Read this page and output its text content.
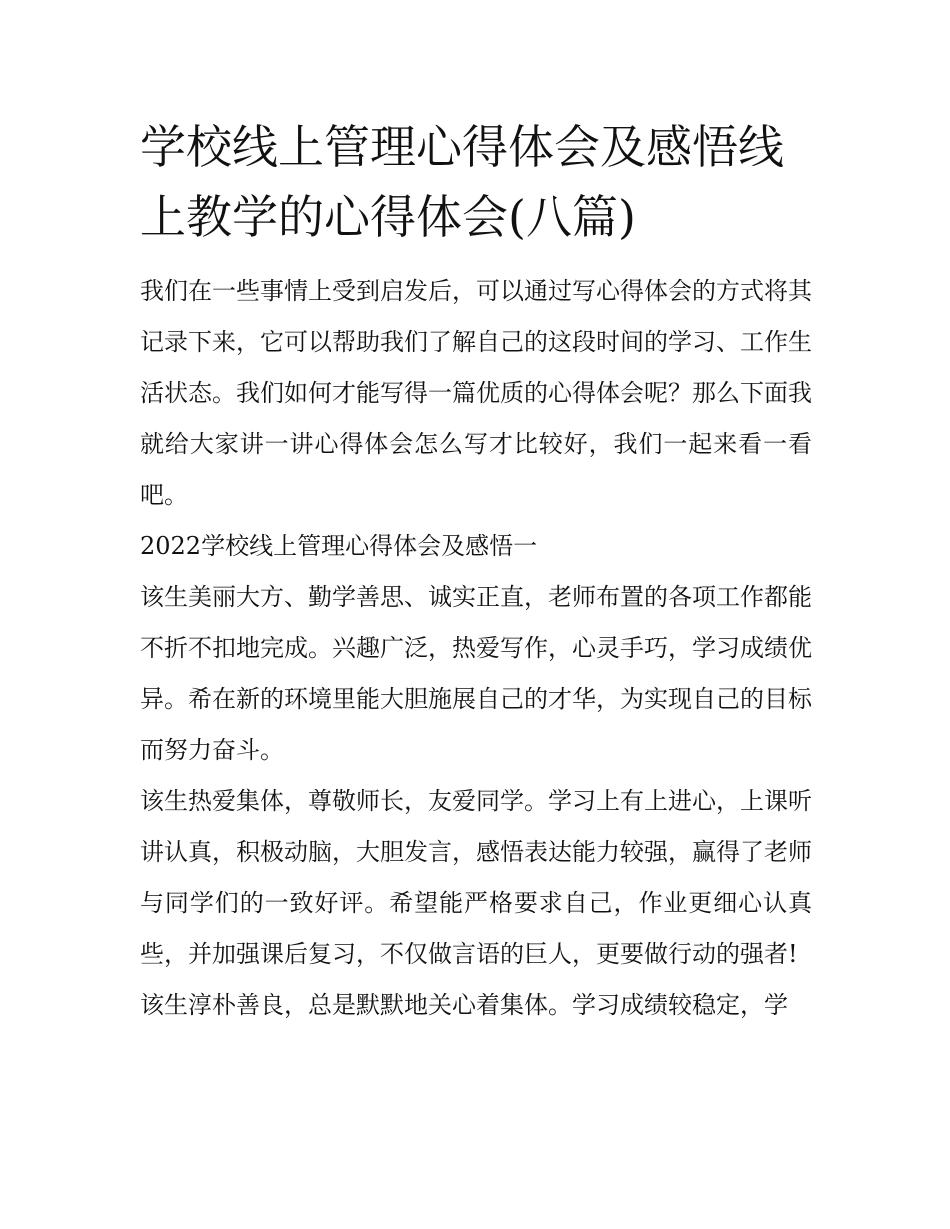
学校线上管理心得体会及感悟线上教学的心得体会(八篇)

我们在一些事情上受到启发后，可以通过写心得体会的方式将其记录下来，它可以帮助我们了解自己的这段时间的学习、工作生活状态。我们如何才能写得一篇优质的心得体会呢？那么下面我就给大家讲一讲心得体会怎么写才比较好，我们一起来看一看吧。

2022学校线上管理心得体会及感悟一

该生美丽大方、勤学善思、诚实正直，老师布置的各项工作都能不折不扣地完成。兴趣广泛，热爱写作，心灵手巧，学习成绩优异。希在新的环境里能大胆施展自己的才华，为实现自己的目标而努力奋斗。

该生热爱集体，尊敬师长，友爱同学。学习上有上进心，上课听讲认真，积极动脑，大胆发言，感悟表达能力较强，赢得了老师与同学们的一致好评。希望能严格要求自己，作业更细心认真些，并加强课后复习，不仅做言语的巨人，更要做行动的强者!

该生淳朴善良，总是默默地关心着集体。学习成绩较稳定，学
